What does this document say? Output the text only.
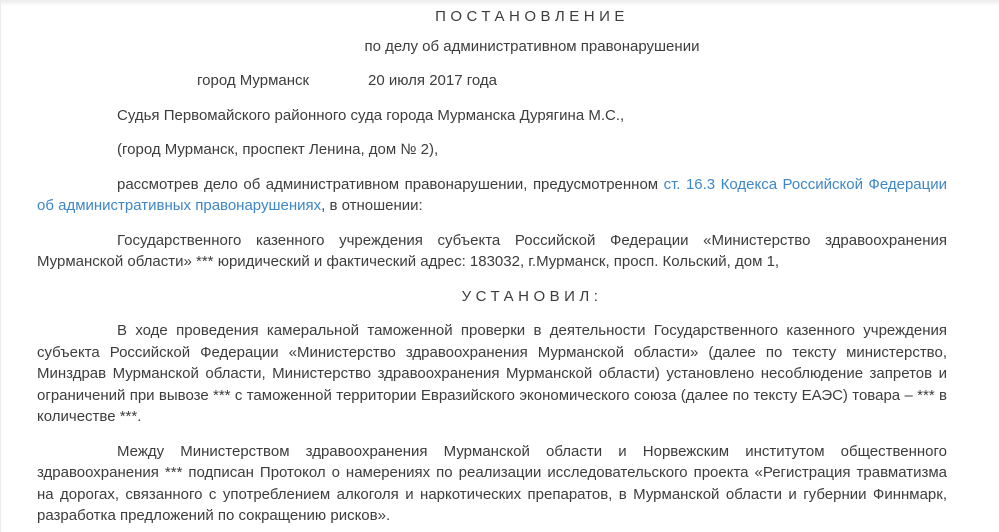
ПОСТАНОВЛЕНИЕ

по делу об административном правонарушении

город Мурманск	20 июля 2017 года

Судья Первомайского районного суда города Мурманска Дурягина М.С.,

(город Мурманск, проспект Ленина, дом № 2),

рассмотрев дело об административном правонарушении, предусмотренном ст. 16.3 Кодекса Российской Федерации об административных правонарушениях, в отношении:

Государственного казенного учреждения субъекта Российской Федерации «Министерство здравоохранения Мурманской области» *** юридический и фактический адрес: 183032, г.Мурманск, просп. Кольский, дом 1,

УСТАНОВИЛ:

В ходе проведения камеральной таможенной проверки в деятельности Государственного казенного учреждения субъекта Российской Федерации «Министерство здравоохранения Мурманской области» (далее по тексту министерство, Минздрав Мурманской области, Министерство здравоохранения Мурманской области) установлено несоблюдение запретов и ограничений при вывозе *** с таможенной территории Евразийского экономического союза (далее по тексту ЕАЭС) товара – *** в количестве ***.

Между Министерством здравоохранения Мурманской области и Норвежским институтом общественного здравоохранения *** подписан Протокол о намерениях по реализации исследовательского проекта «Регистрация травматизма на дорогах, связанного с употреблением алкоголя и наркотических препаратов, в Мурманской области и губернии Финнмарк, разработка предложений по сокращению рисков».
